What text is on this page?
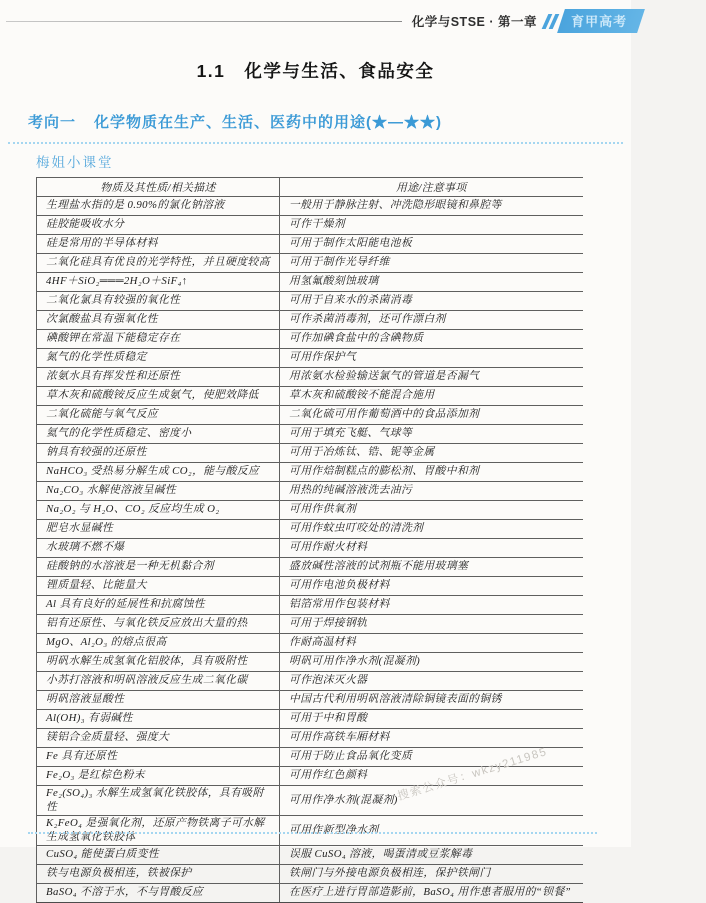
化学与STSE · 第一章	育甲高考
1.1　化学与生活、食品安全
考向一 化学物质在生产、生活、医药中的用途(★—★★)
梅姐小课堂
物质及其性质/相关描述	用途/注意事项
生理盐水指的是 0.90%的氯化钠溶液	一般用于静脉注射、冲洗隐形眼镜和鼻腔等
硅胶能吸收水分	可作干燥剂
硅是常用的半导体材料	可用于制作太阳能电池板
二氧化硅具有优良的光学特性，并且硬度较高	可用于制作光导纤维
4HF＋SiO₂═══2H₂O＋SiF₄↑	用氢氟酸刻蚀玻璃
二氧化氯具有较强的氧化性	可用于自来水的杀菌消毒
次氯酸盐具有强氧化性	可作杀菌消毒剂，还可作漂白剂
碘酸钾在常温下能稳定存在	可作加碘食盐中的含碘物质
氮气的化学性质稳定	可用作保护气
浓氨水具有挥发性和还原性	用浓氨水检验输送氯气的管道是否漏气
草木灰和硫酸铵反应生成氨气，使肥效降低	草木灰和硫酸铵不能混合施用
二氧化硫能与氧气反应	二氧化硫可用作葡萄酒中的食品添加剂
氦气的化学性质稳定、密度小	可用于填充飞艇、气球等
钠具有较强的还原性	可用于冶炼钛、锆、铌等金属
NaHCO₃ 受热易分解生成 CO₂，能与酸反应	可用作焙制糕点的膨松剂、胃酸中和剂
Na₂CO₃ 水解使溶液呈碱性	用热的纯碱溶液洗去油污
Na₂O₂ 与 H₂O、CO₂ 反应均生成 O₂	可用作供氧剂
肥皂水显碱性	可用作蚊虫叮咬处的清洗剂
水玻璃不燃不爆	可用作耐火材料
硅酸钠的水溶液是一种无机黏合剂	盛放碱性溶液的试剂瓶不能用玻璃塞
锂质量轻、比能量大	可用作电池负极材料
Al 具有良好的延展性和抗腐蚀性	铝箔常用作包装材料
铝有还原性、与氧化铁反应放出大量的热	可用于焊接钢轨
MgO、Al₂O₃ 的熔点很高	作耐高温材料
明矾水解生成氢氧化铝胶体，具有吸附性	明矾可用作净水剂(混凝剂)
小苏打溶液和明矾溶液反应生成二氧化碳	可作泡沫灭火器
明矾溶液显酸性	中国古代利用明矾溶液清除铜镜表面的铜锈
Al(OH)₃ 有弱碱性	可用于中和胃酸
镁铝合金质量轻、强度大	可用作高铁车厢材料
Fe 具有还原性	可用于防止食品氧化变质
Fe₂O₃ 是红棕色粉末	可用作红色颜料
Fe₂(SO₄)₃ 水解生成氢氧化铁胶体，具有吸附性	可用作净水剂(混凝剂)
K₂FeO₄ 是强氧化剂，还原产物铁离子可水解生成氢氧化铁胶体	可用作新型净水剂
CuSO₄ 能使蛋白质变性	误服 CuSO₄ 溶液，喝蛋清或豆浆解毒
铁与电源负极相连，铁被保护	铁闸门与外接电源负极相连，保护铁闸门
BaSO₄ 不溶于水，不与胃酸反应	在医疗上进行胃部造影前，BaSO₄ 用作患者服用的“钡餐”
搜索公众号：wkzy211985
